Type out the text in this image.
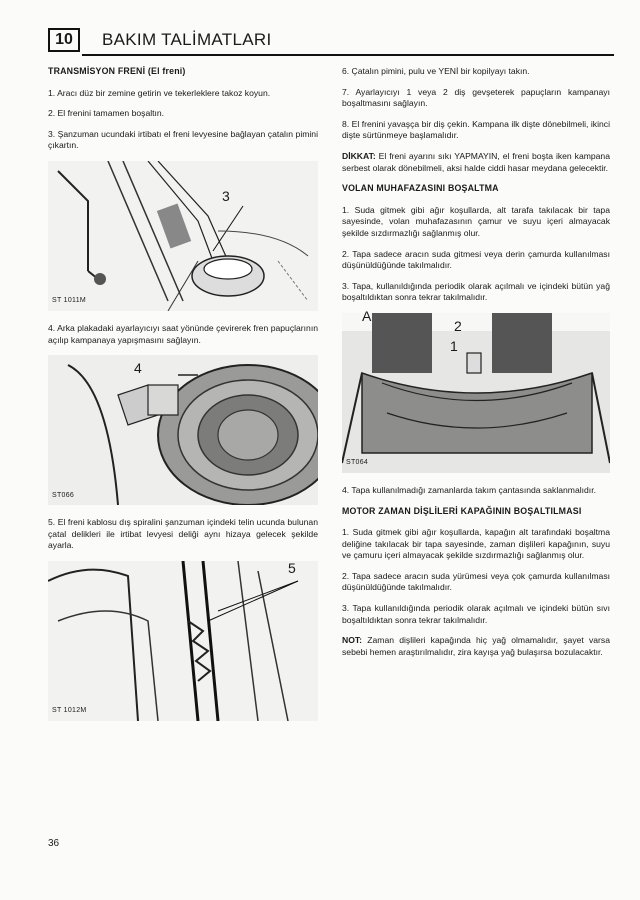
10	BAKIM TALİMATLARI
TRANSMİSYON FRENİ (El freni)

1. Aracı düz bir zemine getirin ve tekerleklere takoz koyun.

2. El frenini tamamen boşaltın.

3. Şanzuman ucundaki irtibatı el freni levyesine bağlayan çatalın pimini çıkartın.

3
ST 1011M

4. Arka plakadaki ayarlayıcıyı saat yönünde çevirerek fren papuçlarının açılıp kampanaya yapışmasını sağlayın.

4
ST066

5. El freni kablosu dış spiralini şanzuman içindeki telin ucunda bulunan çatal delikleri ile irtibat levyesi deliği aynı hizaya gelecek şekilde ayarla.

5
ST 1012M

6. Çatalın pimini, pulu ve YENİ bir kopilyayı takın.

7. Ayarlayıcıyı 1 veya 2 diş gevşeterek papuçların kampanayı boşaltmasını sağlayın.

8. El frenini yavaşça bir diş çekin. Kampana ilk dişte dönebilmeli, ikinci dişte sürtünmeye başlamalıdır.

DİKKAT: El freni ayarını sıkı YAPMAYIN, el freni boşta iken kampana serbest olarak dönebilmeli, aksi halde ciddi hasar meydana gelecektir.

VOLAN MUHAFAZASINI BOŞALTMA

1. Suda gitmek gibi ağır koşullarda, alt tarafa takılacak bir tapa sayesinde, volan muhafazasının çamur ve suyu içeri almayacak şekilde sızdırmazlığı sağlanmış olur.

2. Tapa sadece aracın suda gitmesi veya derin çamurda kullanılması düşünüldüğünde takılmalıdır.

3. Tapa, kullanıldığında periodik olarak açılmalı ve içindeki bütün yağ boşaltıldıktan sonra tekrar takılmalıdır.

A
2
1
ST064

4. Tapa kullanılmadığı zamanlarda takım çantasında saklanmalıdır.

MOTOR ZAMAN DİŞLİLERİ KAPAĞININ BOŞALTILMASI

1. Suda gitmek gibi ağır koşullarda, kapağın alt tarafındaki boşaltma deliğine takılacak bir tapa sayesinde, zaman dişlileri kapağının, suyu ve çamuru içeri almayacak şekilde sızdırmazlığı sağlanmış olur.

2. Tapa sadece aracın suda yürümesi veya çok çamurda kullanılması düşünüldüğünde takılmalıdır.

3. Tapa kullanıldığında periodik olarak açılmalı ve içindeki bütün sıvı boşaltıldıktan sonra tekrar takılmalıdır.

NOT: Zaman dişlileri kapağında hiç yağ olmamalıdır, şayet varsa sebebi hemen araştırılmalıdır, zira kayışa yağ bulaşırsa bozulacaktır.

36
